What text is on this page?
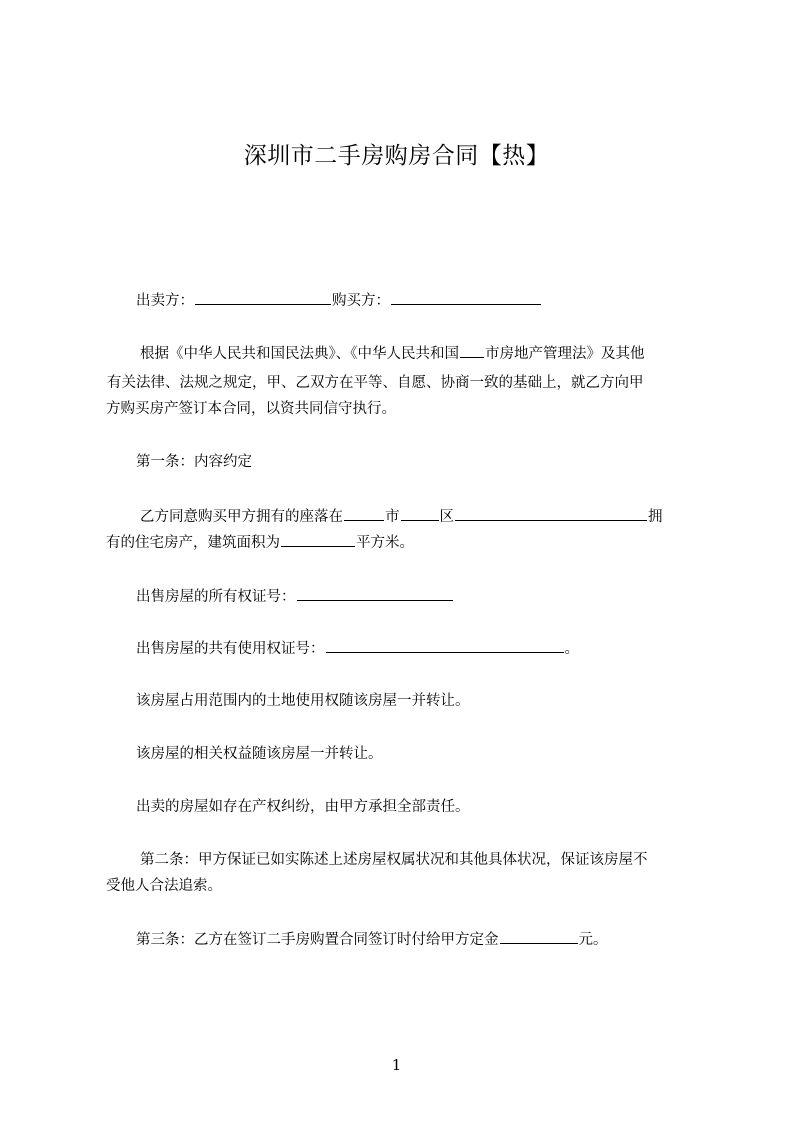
深圳市二手房购房合同【热】
出卖方：	购买方：
根据《中华人民共和国民法典》、《中华人民共和国 市房地产管理法》及其他
有关法律、法规之规定，甲、乙双方在平等、自愿、协商一致的基础上，就乙方向甲
方购买房产签订本合同，以资共同信守执行。
第一条：内容约定
乙方同意购买甲方拥有的座落在	市	区	拥
有的住宅房产，建筑面积为	平方米。
出售房屋的所有权证号：
出售房屋的共有使用权证号：	。
该房屋占用范围内的土地使用权随该房屋一并转让。
该房屋的相关权益随该房屋一并转让。
出卖的房屋如存在产权纠纷，由甲方承担全部责任。
第二条：甲方保证已如实陈述上述房屋权属状况和其他具体状况，保证该房屋不
受他人合法追索。
第三条：乙方在签订二手房购置合同签订时付给甲方定金	元。
1
